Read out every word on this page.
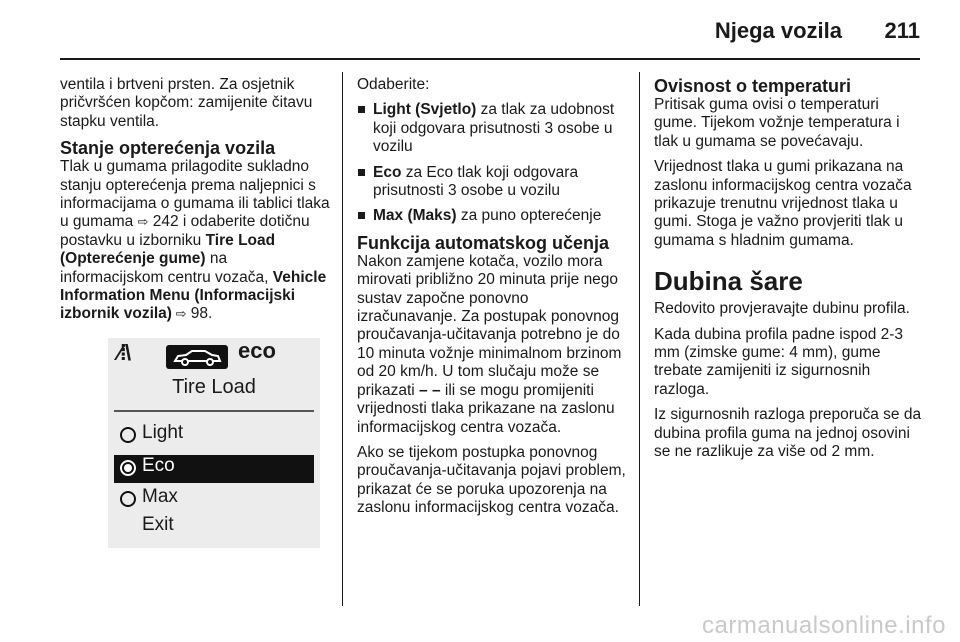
Njega vozila 211

ventila i brtveni prsten. Za osjetnik pričvršćen kopčom: zamijenite čitavu stapku ventila.

Stanje opterećenja vozila

Tlak u gumama prilagodite sukladno stanju opterećenja prema naljepnici s informacijama o gumama ili tablici tlaka u gumama ⇨ 242 i odaberite dotičnu postavku u izborniku Tire Load (Opterećenje gume) na informacijskom centru vozača, Vehicle Information Menu (Informacijski izbornik vozila) ⇨ 98.

⁄⁞\	eco
Tire Load
Light
Eco
Max
Exit

Odaberite:

Light (Svjetlo) za tlak za udobnost koji odgovara prisutnosti 3 osobe u vozilu
Eco za Eco tlak koji odgovara prisutnosti 3 osobe u vozilu
Max (Maks) za puno opterećenje
Funkcija automatskog učenja

Nakon zamjene kotača, vozilo mora mirovati približno 20 minuta prije nego sustav započne ponovno izračunavanje. Za postupak ponovnog proučavanja-učitavanja potrebno je do 10 minuta vožnje minimalnom brzinom od 20 km/h. U tom slučaju može se prikazati – – ili se mogu promijeniti vrijednosti tlaka prikazane na zaslonu informacijskog centra vozača.

Ako se tijekom postupka ponovnog proučavanja-učitavanja pojavi problem, prikazat će se poruka upozorenja na zaslonu informacijskog centra vozača.

Ovisnost o temperaturi

Pritisak guma ovisi o temperaturi gume. Tijekom vožnje temperatura i tlak u gumama se povećavaju.

Vrijednost tlaka u gumi prikazana na zaslonu informacijskog centra vozača prikazuje trenutnu vrijednost tlaka u gumi. Stoga je važno provjeriti tlak u gumama s hladnim gumama.

Dubina šare

Redovito provjeravajte dubinu profila.

Kada dubina profila padne ispod 2-3 mm (zimske gume: 4 mm), gume trebate zamijeniti iz sigurnosnih razloga.

Iz sigurnosnih razloga preporuča se da dubina profila guma na jednoj osovini se ne razlikuje za više od 2 mm.

carmanualsonline.info
